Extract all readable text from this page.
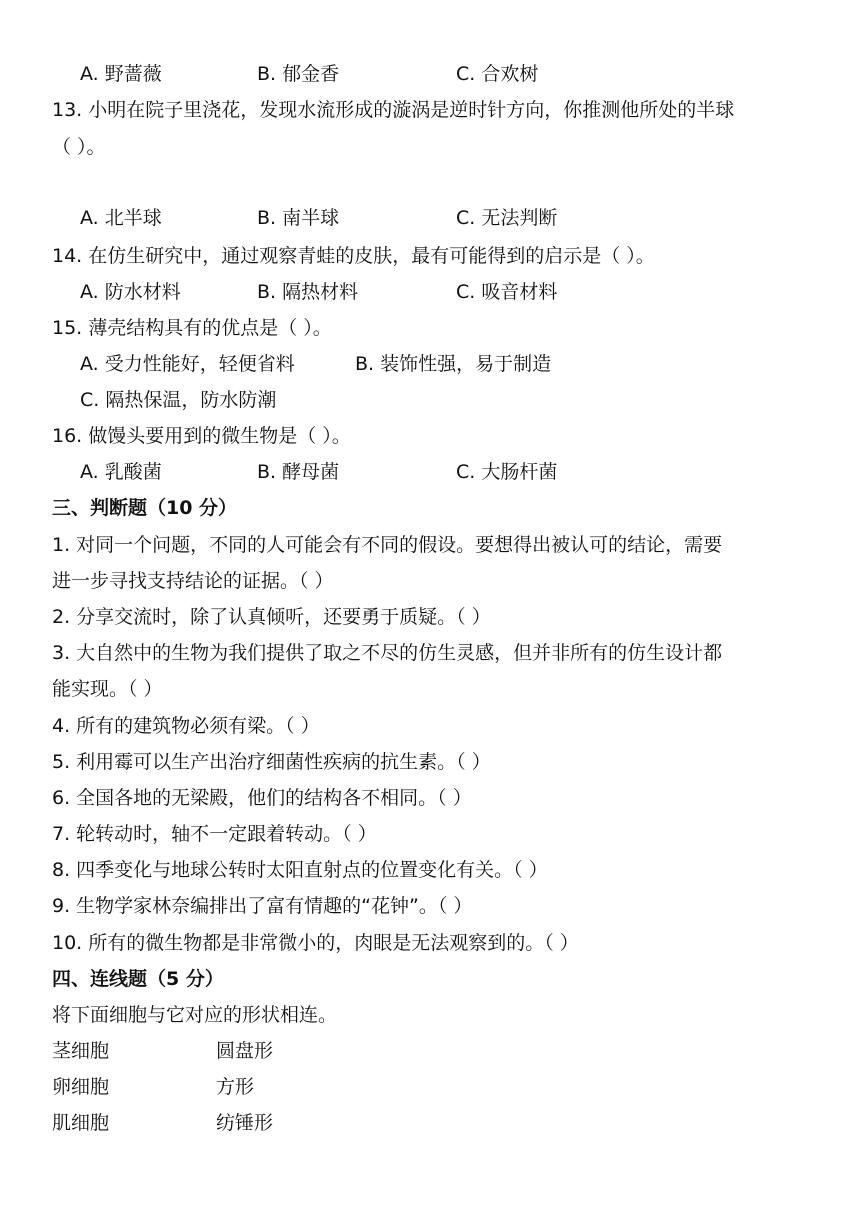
A. 野蔷薇	B. 郁金香	C. 合欢树
13. 小明在院子里浇花，发现水流形成的漩涡是逆时针方向，你推测他所处的半球
（ ）。
A. 北半球	B. 南半球	C. 无法判断
14. 在仿生研究中，通过观察青蛙的皮肤，最有可能得到的启示是（ ）。
A. 防水材料	B. 隔热材料	C. 吸音材料
15. 薄壳结构具有的优点是（ ）。
A. 受力性能好，轻便省料	B. 装饰性强，易于制造
C. 隔热保温，防水防潮
16. 做馒头要用到的微生物是（ ）。
A. 乳酸菌	B. 酵母菌	C. 大肠杆菌
三、判断题（10 分）
1. 对同一个问题，不同的人可能会有不同的假设。要想得出被认可的结论，需要
进一步寻找支持结论的证据。（ ）
2. 分享交流时，除了认真倾听，还要勇于质疑。（ ）
3. 大自然中的生物为我们提供了取之不尽的仿生灵感，但并非所有的仿生设计都
能实现。（ ）
4. 所有的建筑物必须有梁。（ ）
5. 利用霉可以生产出治疗细菌性疾病的抗生素。（ ）
6. 全国各地的无梁殿，他们的结构各不相同。（ ）
7. 轮转动时，轴不一定跟着转动。（ ）
8. 四季变化与地球公转时太阳直射点的位置变化有关。（ ）
9. 生物学家林奈编排出了富有情趣的“花钟”。（ ）
10. 所有的微生物都是非常微小的，肉眼是无法观察到的。（ ）
四、连线题（5 分）
将下面细胞与它对应的形状相连。
茎细胞	圆盘形
卵细胞	方形
肌细胞	纺锤形
